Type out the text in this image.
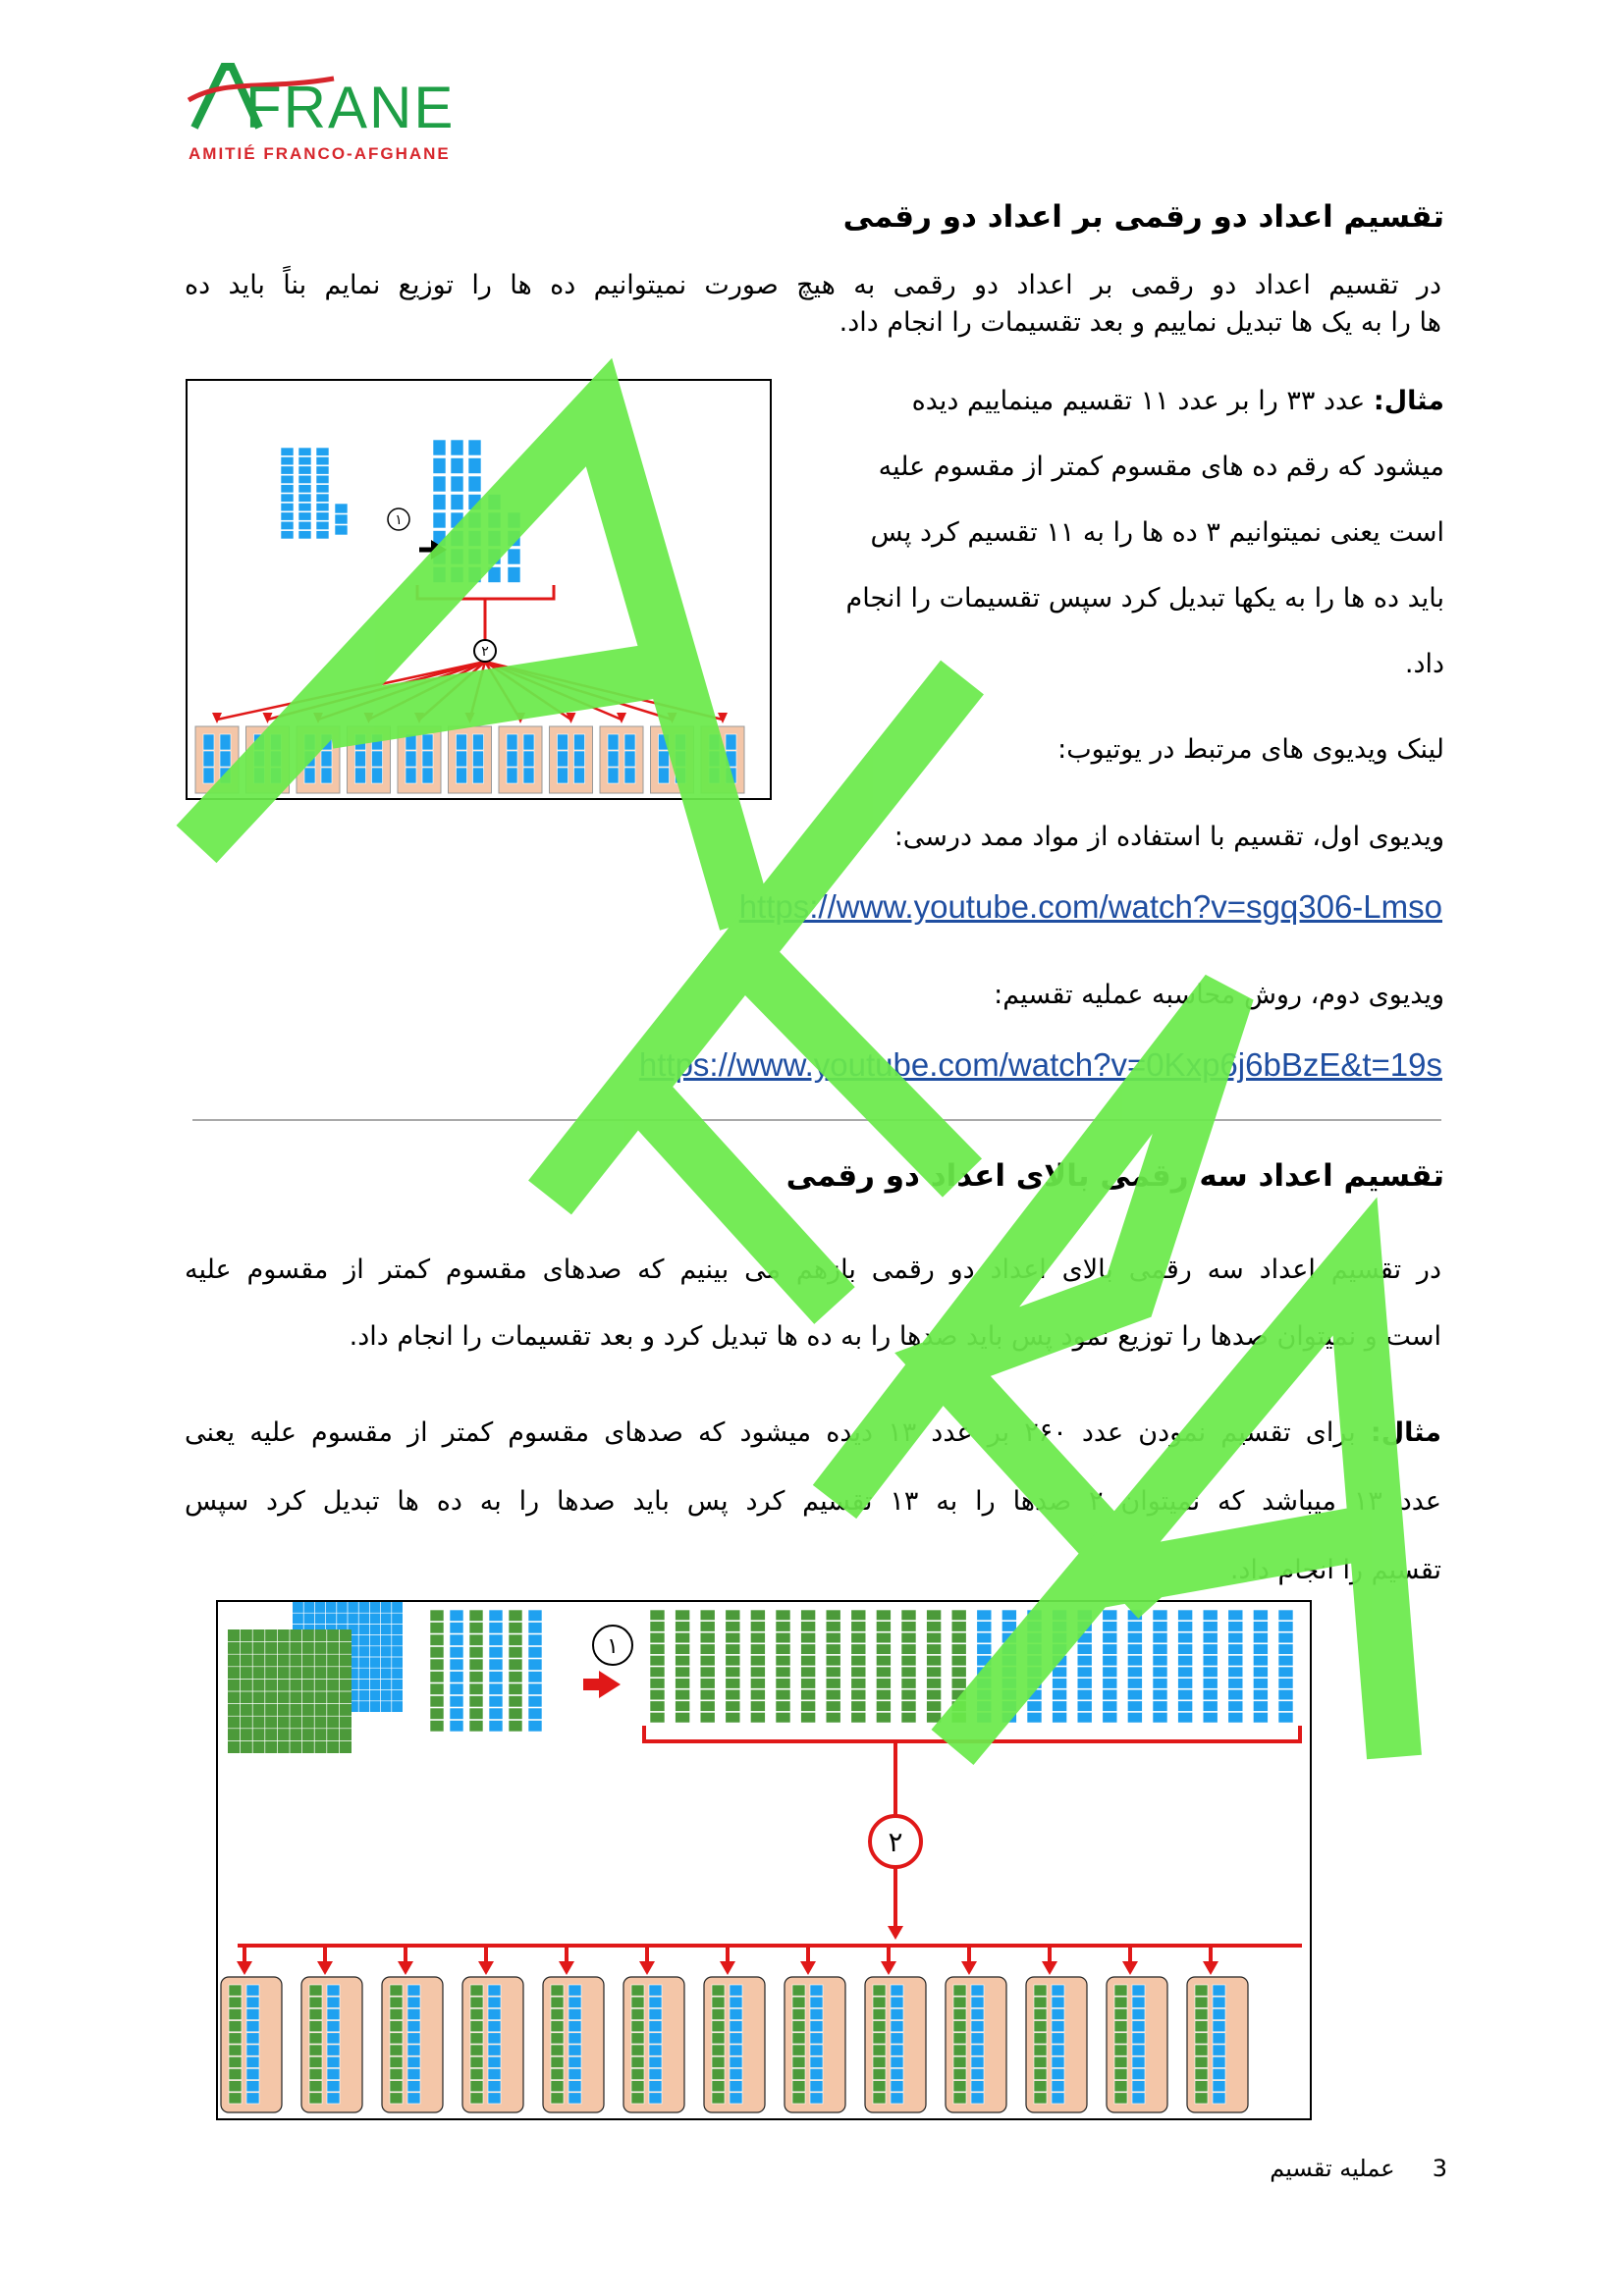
FRANE
AMITIÉ FRANCO-AFGHANE
تقسیم اعداد دو رقمی بر اعداد دو رقمی
در تقسیم اعداد دو رقمی بر اعداد دو رقمی به هیچ صورت نمیتوانیم ده ها را توزیع نمایم بناً باید ده
ها را به یک ها تبدیل نماییم و بعد تقسیمات را انجام داد.
مثال: عدد ۳۳ را بر عدد ۱۱ تقسیم مینماییم دیده
میشود که رقم ده های مقسوم کمتر از مقسوم علیه
است یعنی نمیتوانیم ۳ ده ها را به ۱۱ تقسیم کرد پس
باید ده ها را به یکها تبدیل کرد سپس تقسیمات را انجام
داد.
لینک ویدیوی های مرتبط در یوتیوب:
ویدیوی اول، تقسیم با استفاده از مواد ممد درسی:
https://www.youtube.com/watch?v=sgq306-Lmso
ویدیوی دوم، روش محاسبه عملیه تقسیم:
https://www.youtube.com/watch?v=0Kxp6j6bBzE&t=19s
١
٢
تقسیم اعداد سه رقمی بالای اعداد دو رقمی
در تقسیم اعداد سه رقمی بالای اعداد دو رقمی بازهم می بینیم که صدهای مقسوم کمتر از مقسوم علیه
است و نمیتوان صدها را توزیع نمود پس باید صدها را به ده ها تبدیل کرد و بعد تقسیمات را انجام داد.
مثال: برای تقسیم نمودن عدد ۲۶۰ بر عدد ۱۳ دیده میشود که صدهای مقسوم کمتر از مقسوم علیه یعنی
عدد ۱۳ میباشد که نمیتوان ۲ صدها را به ۱۳ تقسیم کرد پس باید صدها را به ده ها تبدیل کرد سپس
تقسیم را انجام داد.
١
٢
3     عملیه تقسیم
